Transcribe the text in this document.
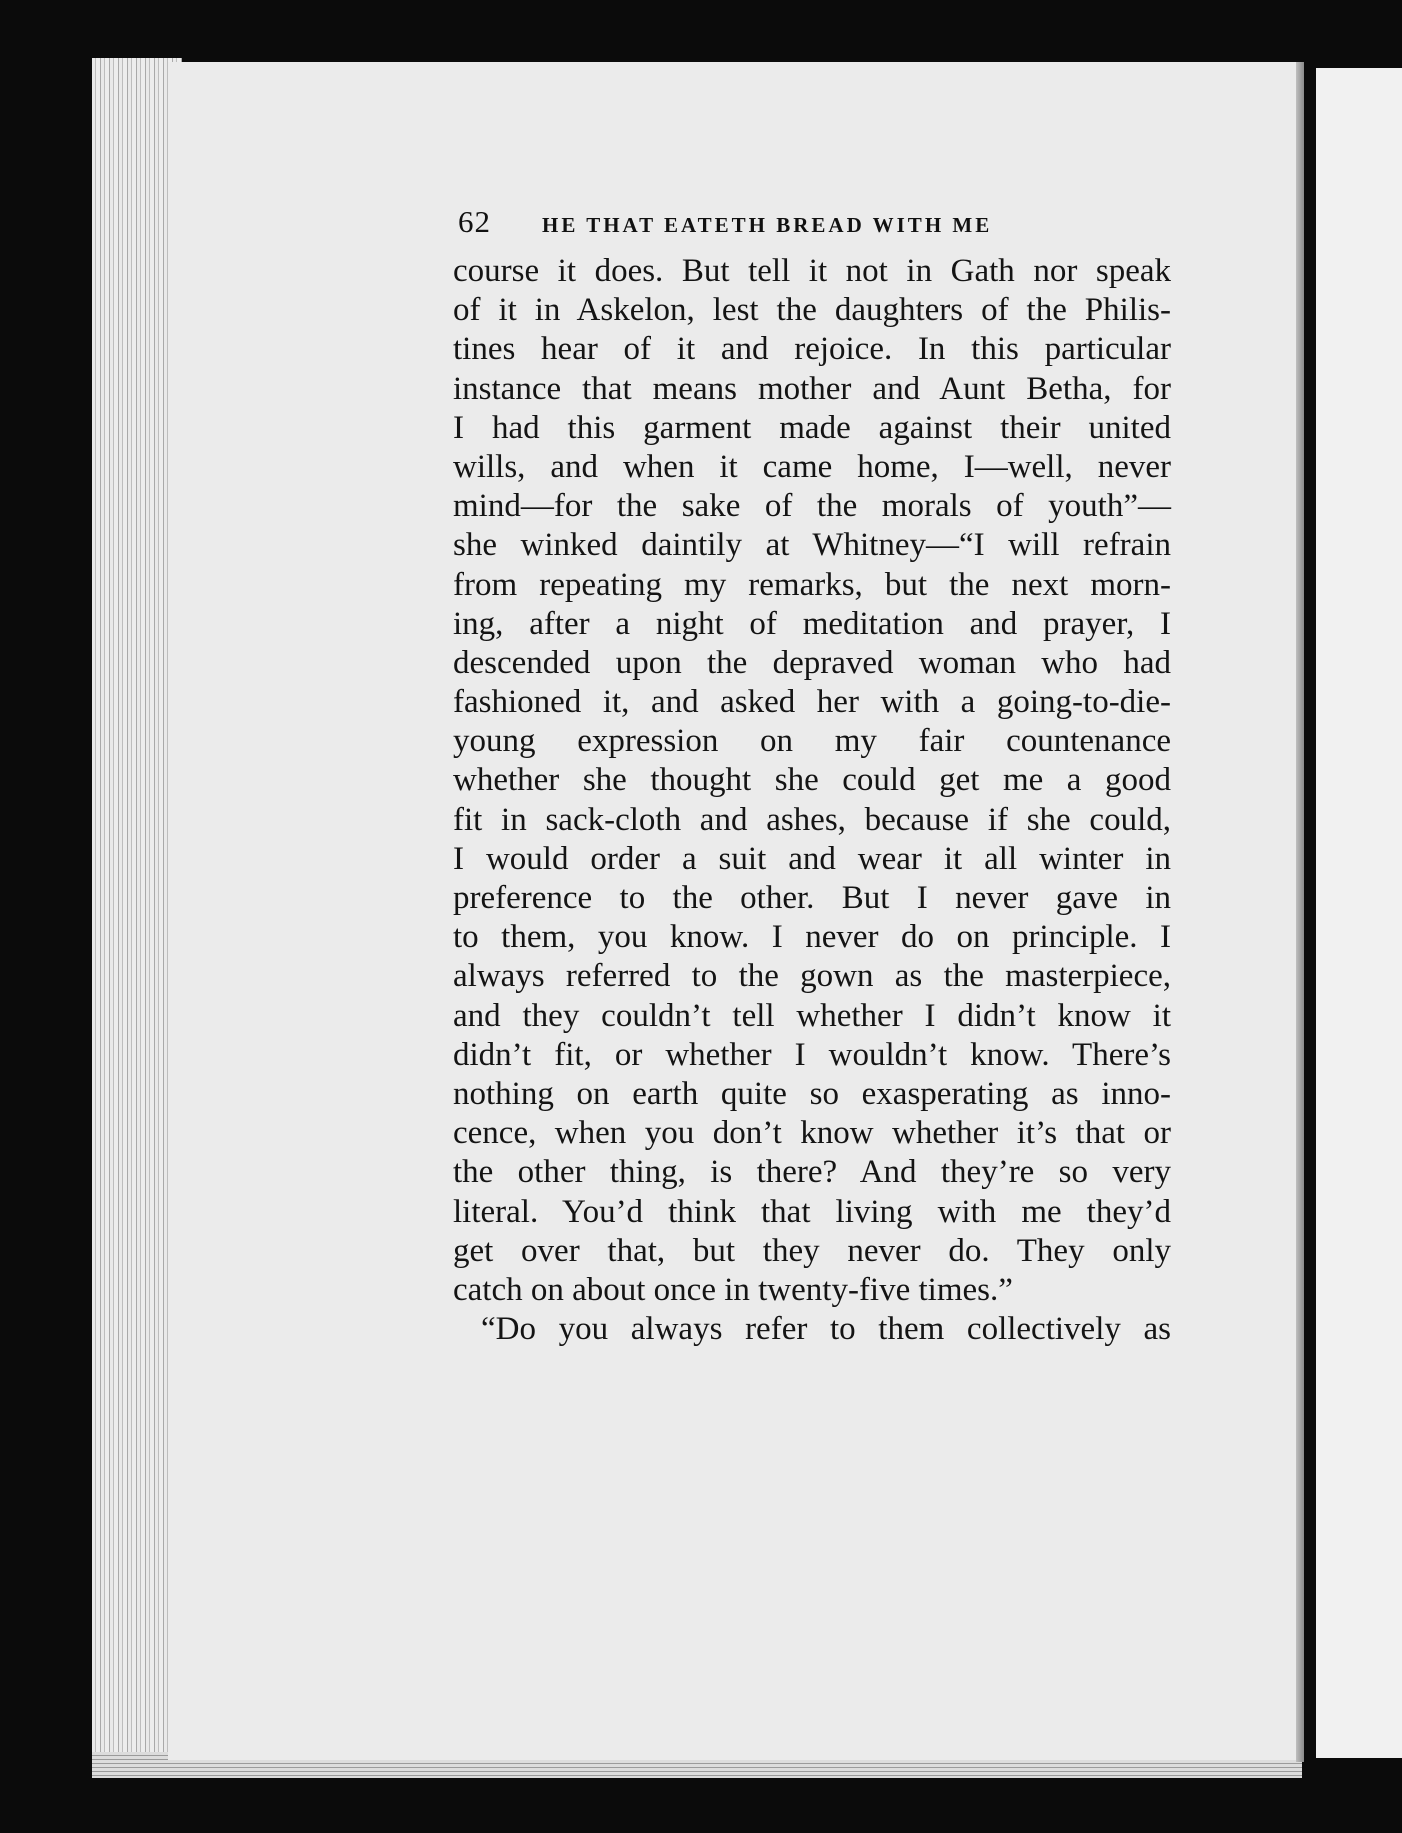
62	HE THAT EATETH BREAD WITH ME
course it does. But tell it not in Gath nor speak
of it in Askelon, lest the daughters of the Philis-
tines hear of it and rejoice. In this particular
instance that means mother and Aunt Betha, for
I had this garment made against their united
wills, and when it came home, I—well, never
mind—for the sake of the morals of youth”—
she winked daintily at Whitney—“I will refrain
from repeating my remarks, but the next morn-
ing, after a night of meditation and prayer, I
descended upon the depraved woman who had
fashioned it, and asked her with a going-to-die-
young expression on my fair countenance
whether she thought she could get me a good
fit in sack-cloth and ashes, because if she could,
I would order a suit and wear it all winter in
preference to the other. But I never gave in
to them, you know. I never do on principle. I
always referred to the gown as the masterpiece,
and they couldn’t tell whether I didn’t know it
didn’t fit, or whether I wouldn’t know. There’s
nothing on earth quite so exasperating as inno-
cence, when you don’t know whether it’s that or
the other thing, is there? And they’re so very
literal. You’d think that living with me they’d
get over that, but they never do. They only
catch on about once in twenty-five times.”
“Do you always refer to them collectively as
